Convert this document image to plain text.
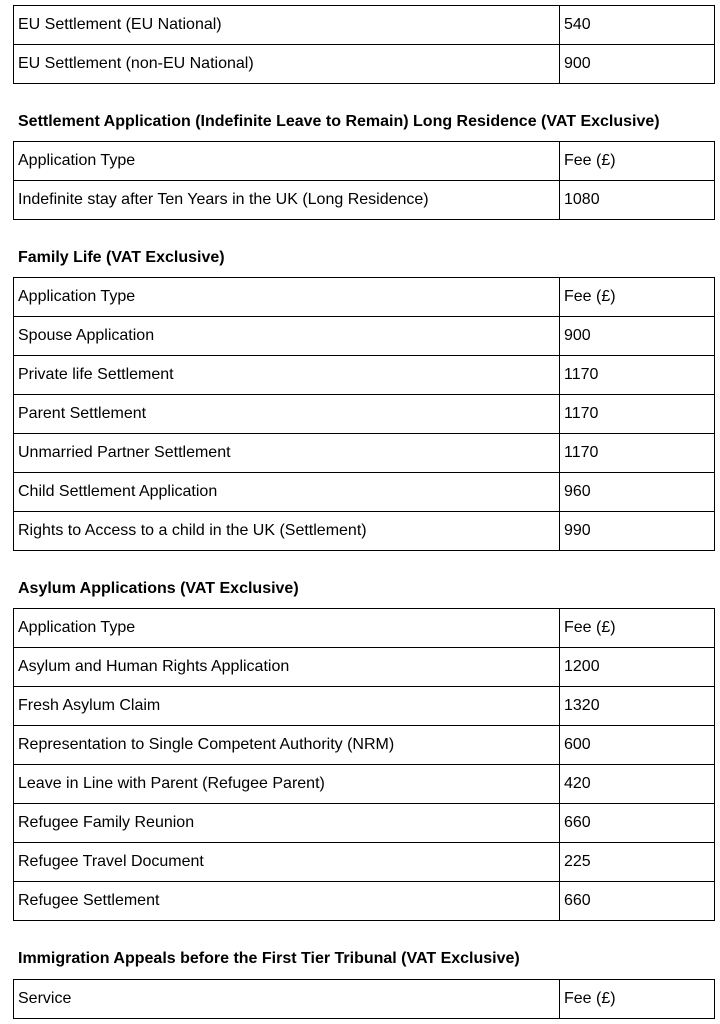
EU Settlement (EU National)	540
EU Settlement (non-EU National)	900
Settlement Application (Indefinite Leave to Remain) Long Residence (VAT Exclusive)
Application Type	Fee (£)
Indefinite stay after Ten Years in the UK (Long Residence)	1080
Family Life (VAT Exclusive)
Application Type	Fee (£)
Spouse Application	900
Private life Settlement	1170
Parent Settlement	1170
Unmarried Partner Settlement	1170
Child Settlement Application	960
Rights to Access to a child in the UK (Settlement)	990
Asylum Applications (VAT Exclusive)
Application Type	Fee (£)
Asylum and Human Rights Application	1200
Fresh Asylum Claim	1320
Representation to Single Competent Authority (NRM)	600
Leave in Line with Parent (Refugee Parent)	420
Refugee Family Reunion	660
Refugee Travel Document	225
Refugee Settlement	660
Immigration Appeals before the First Tier Tribunal (VAT Exclusive)
Service	Fee (£)
